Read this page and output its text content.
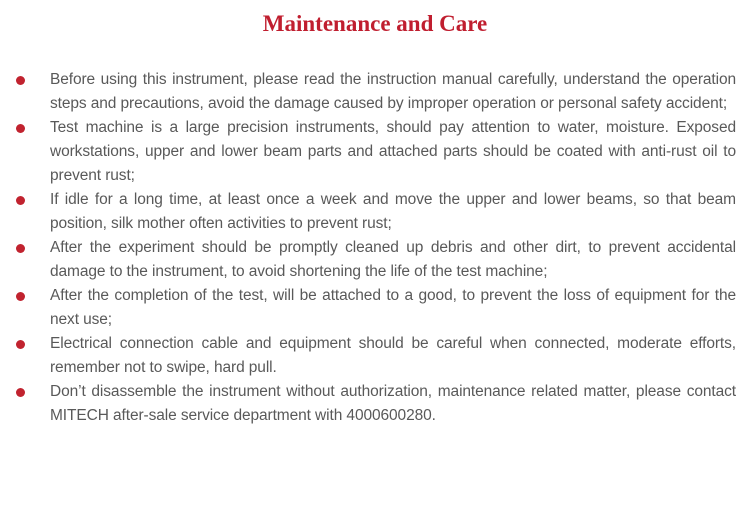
Maintenance and Care

Before using this instrument, please read the instruction manual carefully, understand the operation steps and precautions, avoid the damage caused by improper operation or personal safety accident;

Test machine is a large precision instruments, should pay attention to water, moisture. Exposed workstations, upper and lower beam parts and attached parts should be coated with anti-rust oil to prevent rust;

If idle for a long time, at least once a week and move the upper and lower beams, so that beam position, silk mother often activities to prevent rust;

After the experiment should be promptly cleaned up debris and other dirt, to prevent accidental damage to the instrument, to avoid shortening the life of the test machine;

After the completion of the test, will be attached to a good, to prevent the loss of equipment for the next use;

Electrical connection cable and equipment should be careful when connected, moderate efforts, remember not to swipe, hard pull.

Don’t disassemble the instrument without authorization, maintenance related matter, please contact MITECH after-sale service department with 4000600280.
